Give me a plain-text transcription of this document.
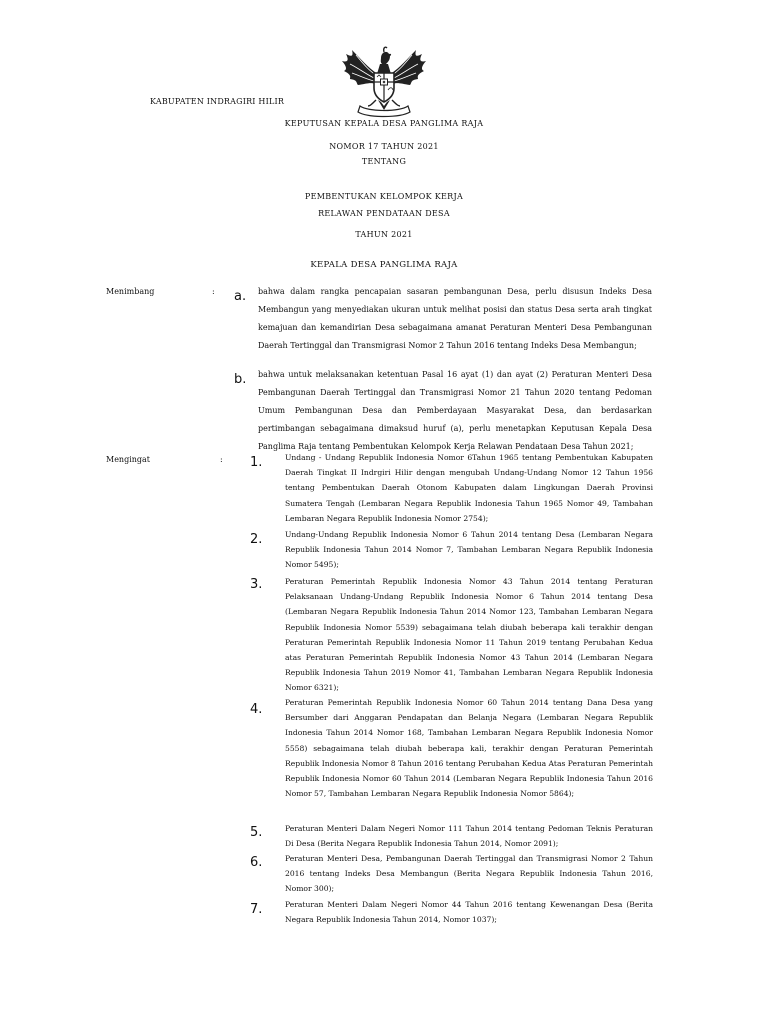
KABUPATEN INDRAGIRI HILIR
KEPUTUSAN KEPALA DESA PANGLIMA RAJA
NOMOR 17 TAHUN 2021
TENTANG
PEMBENTUKAN KELOMPOK KERJA
RELAWAN PENDATAAN DESA
TAHUN 2021
KEPALA DESA PANGLIMA RAJA
Menimbang	: a. bahwa dalam rangka pencapaian sasaran pembangunan Desa, perlu disusun Indeks Desa Membangun yang menyediakan ukuran untuk melihat posisi dan status Desa serta arah tingkat kemajuan dan kemandirian Desa sebagaimana amanat Peraturan Menteri Desa Pembangunan Daerah Tertinggal dan Transmigrasi Nomor 2 Tahun 2016 tentang Indeks Desa Membangun;

b. bahwa untuk melaksanakan ketentuan Pasal 16 ayat (1) dan ayat (2) Peraturan Menteri Desa Pembangunan Daerah Tertinggal dan Transmigrasi Nomor 21 Tahun 2020 tentang Pedoman Umum Pembangunan Desa dan Pemberdayaan Masyarakat Desa, dan berdasarkan pertimbangan sebagaimana dimaksud huruf (a), perlu menetapkan Keputusan Kepala Desa Panglima Raja tentang Pembentukan Kelompok Kerja Relawan Pendataan Desa Tahun 2021;

Mengingat	: 1.	Undang - Undang Republik Indonesia Nomor 6Tahun 1965 tentang Pembentukan Kabupaten Daerah Tingkat II Indrgiri Hilir dengan mengubah Undang-Undang Nomor 12 Tahun 1956 tentang Pembentukan Daerah Otonom Kabupaten dalam Lingkungan Daerah Provinsi Sumatera Tengah (Lembaran Negara Republik Indonesia Tahun 1965 Nomor 49, Tambahan Lembaran Negara Republik Indonesia Nomor 2754);

2.	Undang-Undang Republik Indonesia Nomor 6 Tahun 2014 tentang Desa (Lembaran Negara Republik Indonesia Tahun 2014 Nomor 7, Tambahan Lembaran Negara Republik Indonesia Nomor 5495);

3.	Peraturan Pemerintah Republik Indonesia Nomor 43 Tahun 2014 tentang Peraturan Pelaksanaan Undang-Undang Republik Indonesia Nomor 6 Tahun 2014 tentang Desa (Lembaran Negara Republik Indonesia Tahun 2014 Nomor 123, Tambahan Lembaran Negara Republik Indonesia Nomor 5539) sebagaimana telah diubah beberapa kali terakhir dengan Peraturan Pemerintah Republik Indonesia Nomor 11 Tahun 2019 tentang Perubahan Kedua atas Peraturan Pemerintah Republik Indonesia Nomor 43 Tahun 2014 (Lembaran Negara Republik Indonesia Tahun 2019 Nomor 41, Tambahan Lembaran Negara Republik Indonesia Nomor 6321);

4.	Peraturan Pemerintah Republik Indonesia Nomor 60 Tahun 2014 tentang Dana Desa yang Bersumber dari Anggaran Pendapatan dan Belanja Negara (Lembaran Negara Republik Indonesia Tahun 2014 Nomor 168, Tambahan Lembaran Negara Republik Indonesia Nomor 5558) sebagaimana telah diubah beberapa kali, terakhir dengan Peraturan Pemerintah Republik Indonesia Nomor 8 Tahun 2016 tentang Perubahan Kedua Atas Peraturan Pemerintah Republik Indonesia Nomor 60 Tahun 2014 (Lembaran Negara Republik Indonesia Tahun 2016 Nomor 57, Tambahan Lembaran Negara Republik Indonesia Nomor 5864);

5.	Peraturan Menteri Dalam Negeri Nomor 111 Tahun 2014 tentang Pedoman Teknis Peraturan Di Desa (Berita Negara Republik Indonesia Tahun 2014, Nomor 2091);

6.	Peraturan Menteri Desa, Pembangunan Daerah Tertinggal dan Transmigrasi Nomor 2 Tahun 2016 tentang Indeks Desa Membangun (Berita Negara Republik Indonesia Tahun 2016, Nomor 300);

7.	Peraturan Menteri Dalam Negeri Nomor 44 Tahun 2016 tentang Kewenangan Desa (Berita Negara Republik Indonesia Tahun 2014, Nomor 1037);
